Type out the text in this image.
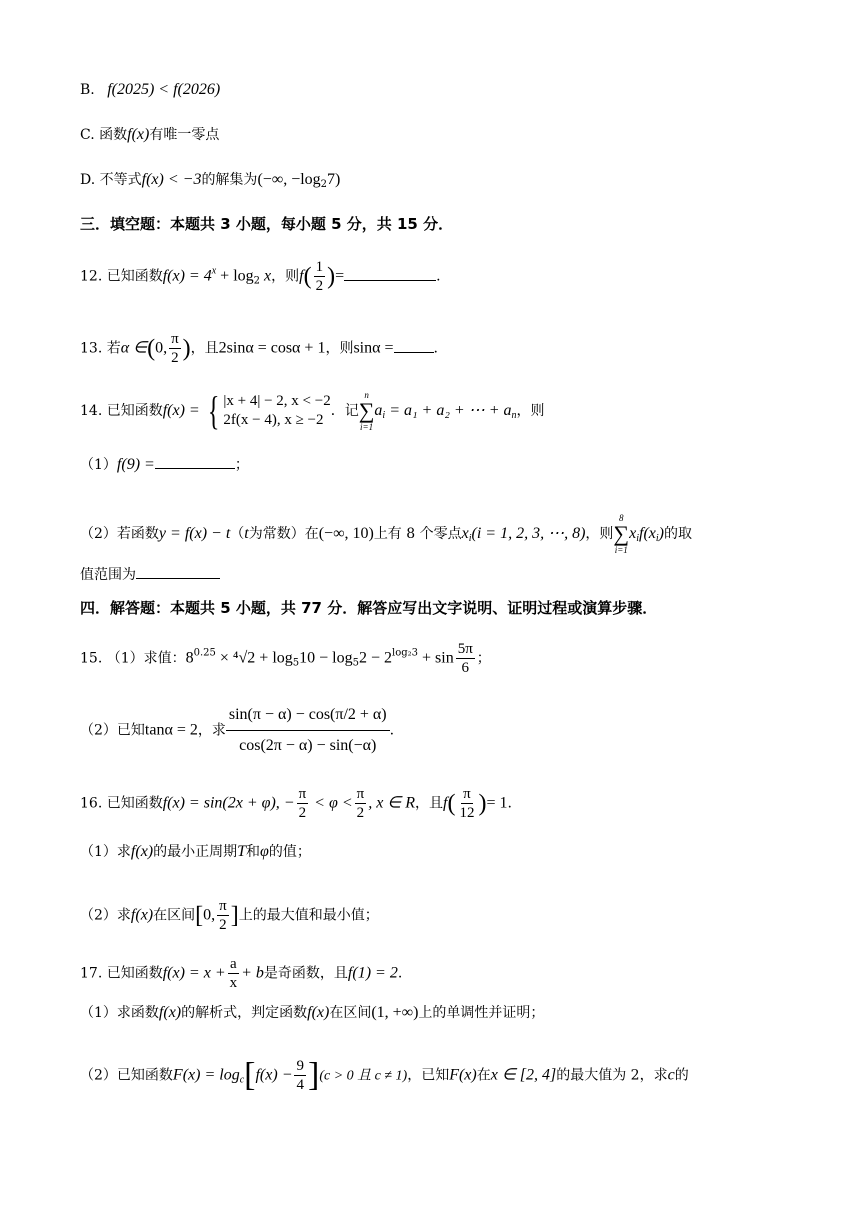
B. f(2025) < f(2026)
C. 函数f(x)有唯一零点
D. 不等式f(x) < −3的解集为(−∞, $-\log_27$)
三．填空题：本题共 3 小题，每小题 5 分，共 15 分．
12. 已知函数$f(x) = 4^x + \log_2 x$，则$f( \frac{1}{2}$ )=	.
13. 若α ∈(0, $\frac{\pi}{2}$ )，且2sinα = cosα + 1，则sinα =	.
14. 已知函数f(x) = { |x + 4| − 2, x < −2
2f(x − 4), x ≥ −2
．记
n
∑
i=1
$a_i = a_1 + a_2$ + ⋯ + $a_n$，则
（1）f(9) =	；
（2）若函数y = f(x) − t（t为常数）在(−∞, 10)上有 8 个零点$x_i(i = 1$, 2, 3, ⋯, 8)，则
8
∑
i=1
$x_if(x_i)$的取
值范围为
四．解答题：本题共 5 小题，共 77 分．解答应写出文字说明、证明过程或演算步骤．
15. （1）求值：$8^{0.25} \times ^4√2 + \log_510 - \log_52 - 2^{log_23} + \sin \frac{5\pi}{6}$ ；
（2）已知tanα = 2，求 $\frac{\sin(\pi - \alpha) - \cos(\pi/2 + \alpha)}{\cos(2\pi - \alpha) - \sin(-\alpha)}$ .
16. 已知函数f(x) = sin(2x + φ), − $\frac{\pi}{2} < \varphi < \frac{\pi}{2}$ , x ∈ R，且$f( \frac{\pi}{12}$ )= 1.
（1）求f(x)的最小正周期T和φ的值；
（2）求f(x)在区间[0, $\frac{\pi}{2}$ ]上的最大值和最小值；
17. 已知函数$f(x) = x + \frac{a}{x} + b$是奇函数，且f(1) = 2.
（1）求函数f(x)的解析式，判定函数f(x)在区间(1, +∞)上的单调性并证明；
（2）已知函数$F(x) = \log_c[f(x) - \frac{9}{4} ](c > 0$ 且 c ≠ 1)，已知F(x)在x ∈ [2, 4]的最大值为 2，求c的
